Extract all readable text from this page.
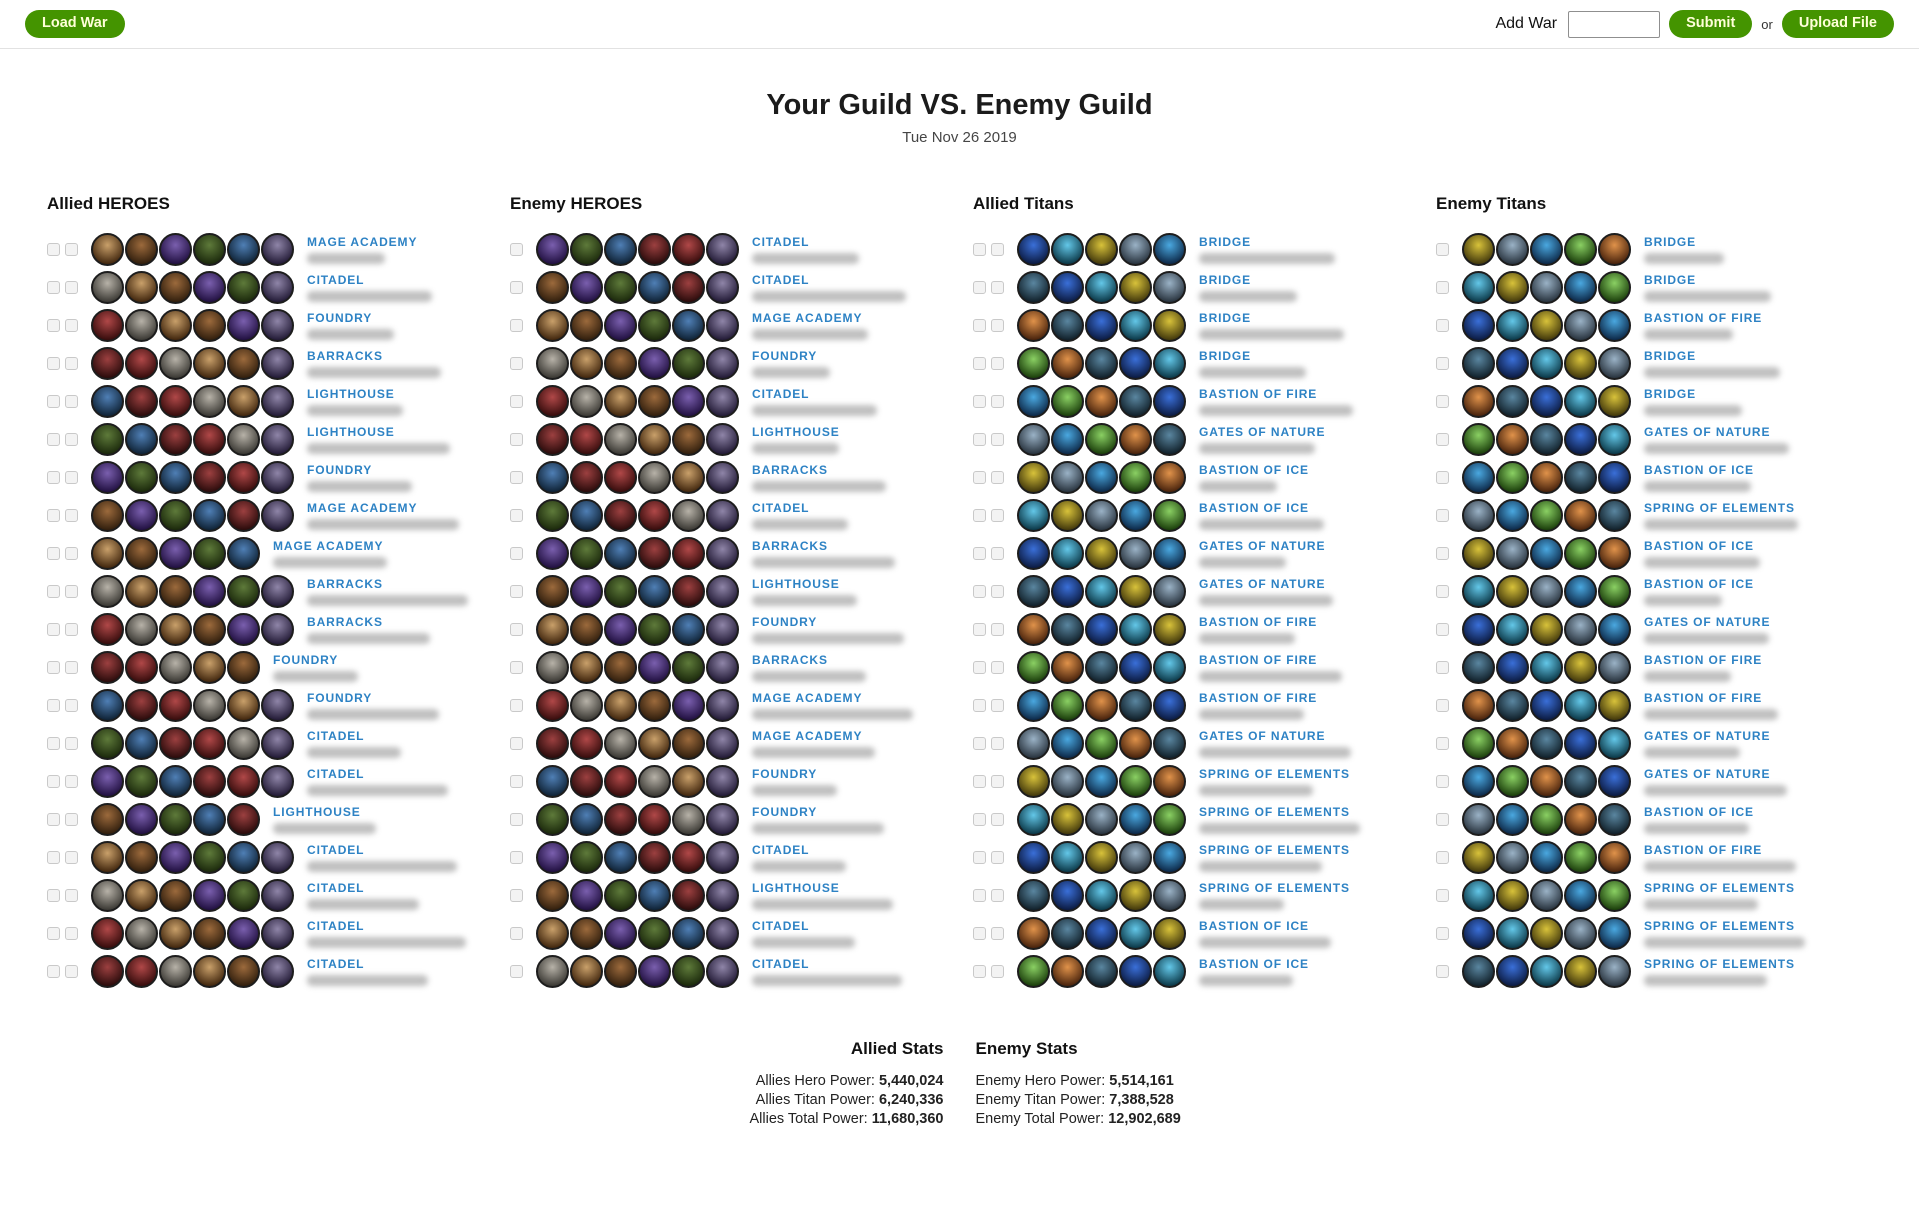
Load War	Add War	Submit	or	Upload File
Your Guild VS. Enemy Guild
Tue Nov 26 2019
Allied HEROES
MAGE ACADEMY
CITADEL
FOUNDRY
BARRACKS
LIGHTHOUSE
LIGHTHOUSE
FOUNDRY
MAGE ACADEMY
MAGE ACADEMY
BARRACKS
BARRACKS
FOUNDRY
FOUNDRY
CITADEL
CITADEL
LIGHTHOUSE
CITADEL
CITADEL
CITADEL
CITADEL
Enemy HEROES
CITADEL
CITADEL
MAGE ACADEMY
FOUNDRY
CITADEL
LIGHTHOUSE
BARRACKS
CITADEL
BARRACKS
LIGHTHOUSE
FOUNDRY
BARRACKS
MAGE ACADEMY
MAGE ACADEMY
FOUNDRY
FOUNDRY
CITADEL
LIGHTHOUSE
CITADEL
CITADEL
Allied Titans
BRIDGE
BRIDGE
BRIDGE
BRIDGE
BASTION OF FIRE
GATES OF NATURE
BASTION OF ICE
BASTION OF ICE
GATES OF NATURE
GATES OF NATURE
BASTION OF FIRE
BASTION OF FIRE
BASTION OF FIRE
GATES OF NATURE
SPRING OF ELEMENTS
SPRING OF ELEMENTS
SPRING OF ELEMENTS
SPRING OF ELEMENTS
BASTION OF ICE
BASTION OF ICE
Enemy Titans
BRIDGE
BRIDGE
BASTION OF FIRE
BRIDGE
BRIDGE
GATES OF NATURE
BASTION OF ICE
SPRING OF ELEMENTS
BASTION OF ICE
BASTION OF ICE
GATES OF NATURE
BASTION OF FIRE
BASTION OF FIRE
GATES OF NATURE
GATES OF NATURE
BASTION OF ICE
BASTION OF FIRE
SPRING OF ELEMENTS
SPRING OF ELEMENTS
SPRING OF ELEMENTS
Allied Stats
Allies Hero Power: 5,440,024
Allies Titan Power: 6,240,336
Allies Total Power: 11,680,360
Enemy Stats
Enemy Hero Power: 5,514,161
Enemy Titan Power: 7,388,528
Enemy Total Power: 12,902,689
